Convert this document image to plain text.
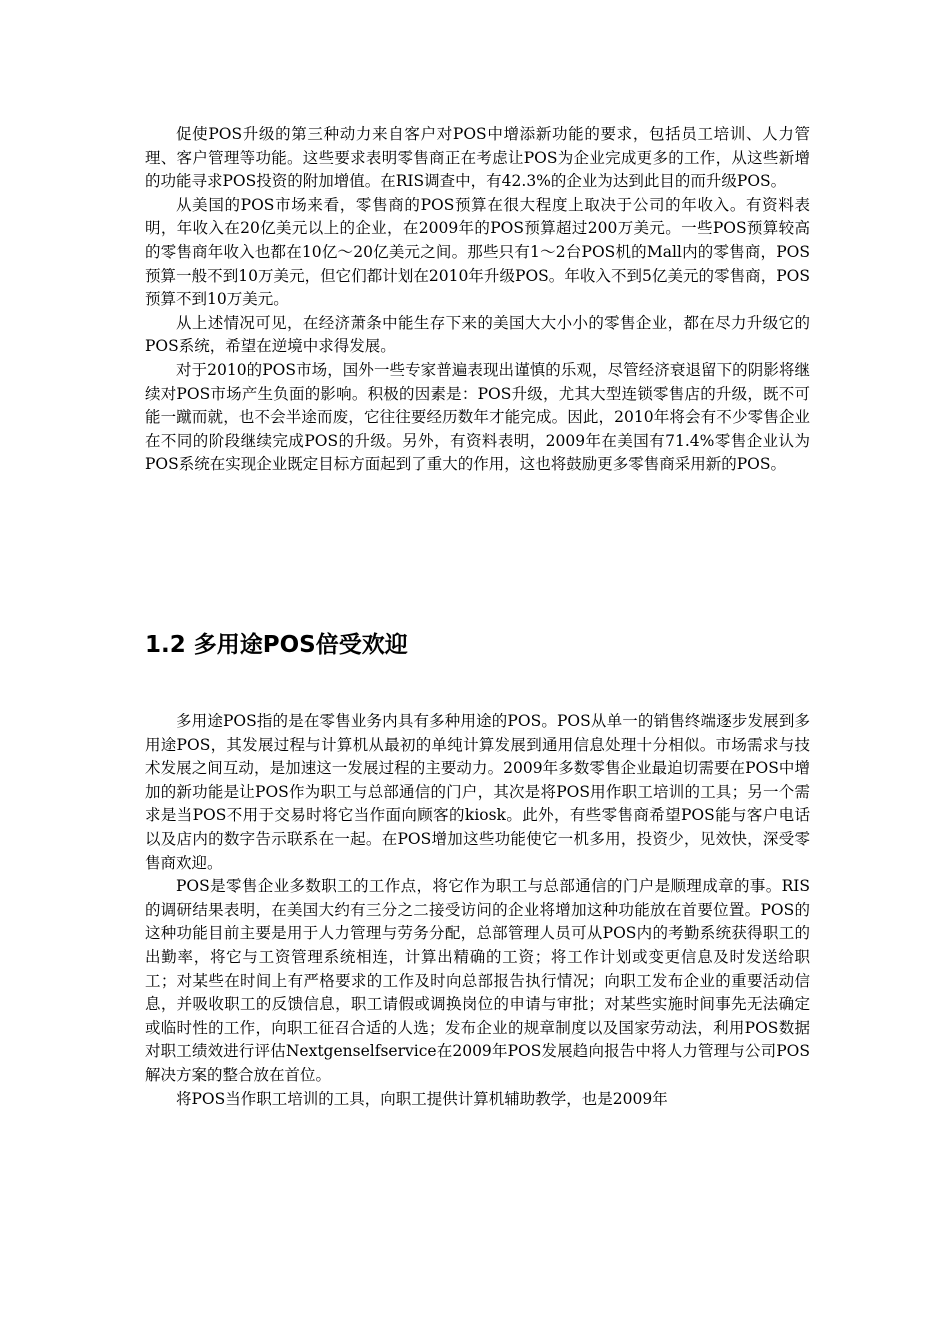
促使POS升级的第三种动力来自客户对POS中增添新功能的要求，包括员工培训、人力管理、客户管理等功能。这些要求表明零售商正在考虑让POS为企业完成更多的工作，从这些新增的功能寻求POS投资的附加增值。在RIS调查中，有42.3%的企业为达到此目的而升级POS。

从美国的POS市场来看，零售商的POS预算在很大程度上取决于公司的年收入。有资料表明，年收入在20亿美元以上的企业，在2009年的POS预算超过200万美元。一些POS预算较高的零售商年收入也都在10亿～20亿美元之间。那些只有1～2台POS机的Mall内的零售商，POS预算一般不到10万美元，但它们都计划在2010年升级POS。年收入不到5亿美元的零售商，POS预算不到10万美元。

从上述情况可见，在经济萧条中能生存下来的美国大大小小的零售企业，都在尽力升级它的POS系统，希望在逆境中求得发展。

对于2010的POS市场，国外一些专家普遍表现出谨慎的乐观，尽管经济衰退留下的阴影将继续对POS市场产生负面的影响。积极的因素是：POS升级，尤其大型连锁零售店的升级，既不可能一蹴而就，也不会半途而废，它往往要经历数年才能完成。因此，2010年将会有不少零售企业在不同的阶段继续完成POS的升级。另外，有资料表明，2009年在美国有71.4%零售企业认为POS系统在实现企业既定目标方面起到了重大的作用，这也将鼓励更多零售商采用新的POS。

1.2 多用途POS倍受欢迎

多用途POS指的是在零售业务内具有多种用途的POS。POS从单一的销售终端逐步发展到多用途POS，其发展过程与计算机从最初的单纯计算发展到通用信息处理十分相似。市场需求与技术发展之间互动，是加速这一发展过程的主要动力。2009年多数零售企业最迫切需要在POS中增加的新功能是让POS作为职工与总部通信的门户，其次是将POS用作职工培训的工具；另一个需求是当POS不用于交易时将它当作面向顾客的kiosk。此外，有些零售商希望POS能与客户电话以及店内的数字告示联系在一起。在POS增加这些功能使它一机多用，投资少，见效快，深受零售商欢迎。

POS是零售企业多数职工的工作点，将它作为职工与总部通信的门户是顺理成章的事。RIS的调研结果表明，在美国大约有三分之二接受访问的企业将增加这种功能放在首要位置。POS的这种功能目前主要是用于人力管理与劳务分配，总部管理人员可从POS内的考勤系统获得职工的出勤率，将它与工资管理系统相连，计算出精确的工资；将工作计划或变更信息及时发送给职工；对某些在时间上有严格要求的工作及时向总部报告执行情况；向职工发布企业的重要活动信息，并吸收职工的反馈信息，职工请假或调换岗位的申请与审批；对某些实施时间事先无法确定或临时性的工作，向职工征召合适的人选；发布企业的规章制度以及国家劳动法，利用POS数据对职工绩效进行评估Nextgenselfservice在2009年POS发展趋向报告中将人力管理与公司POS解决方案的整合放在首位。

将POS当作职工培训的工具，向职工提供计算机辅助教学，也是2009年
